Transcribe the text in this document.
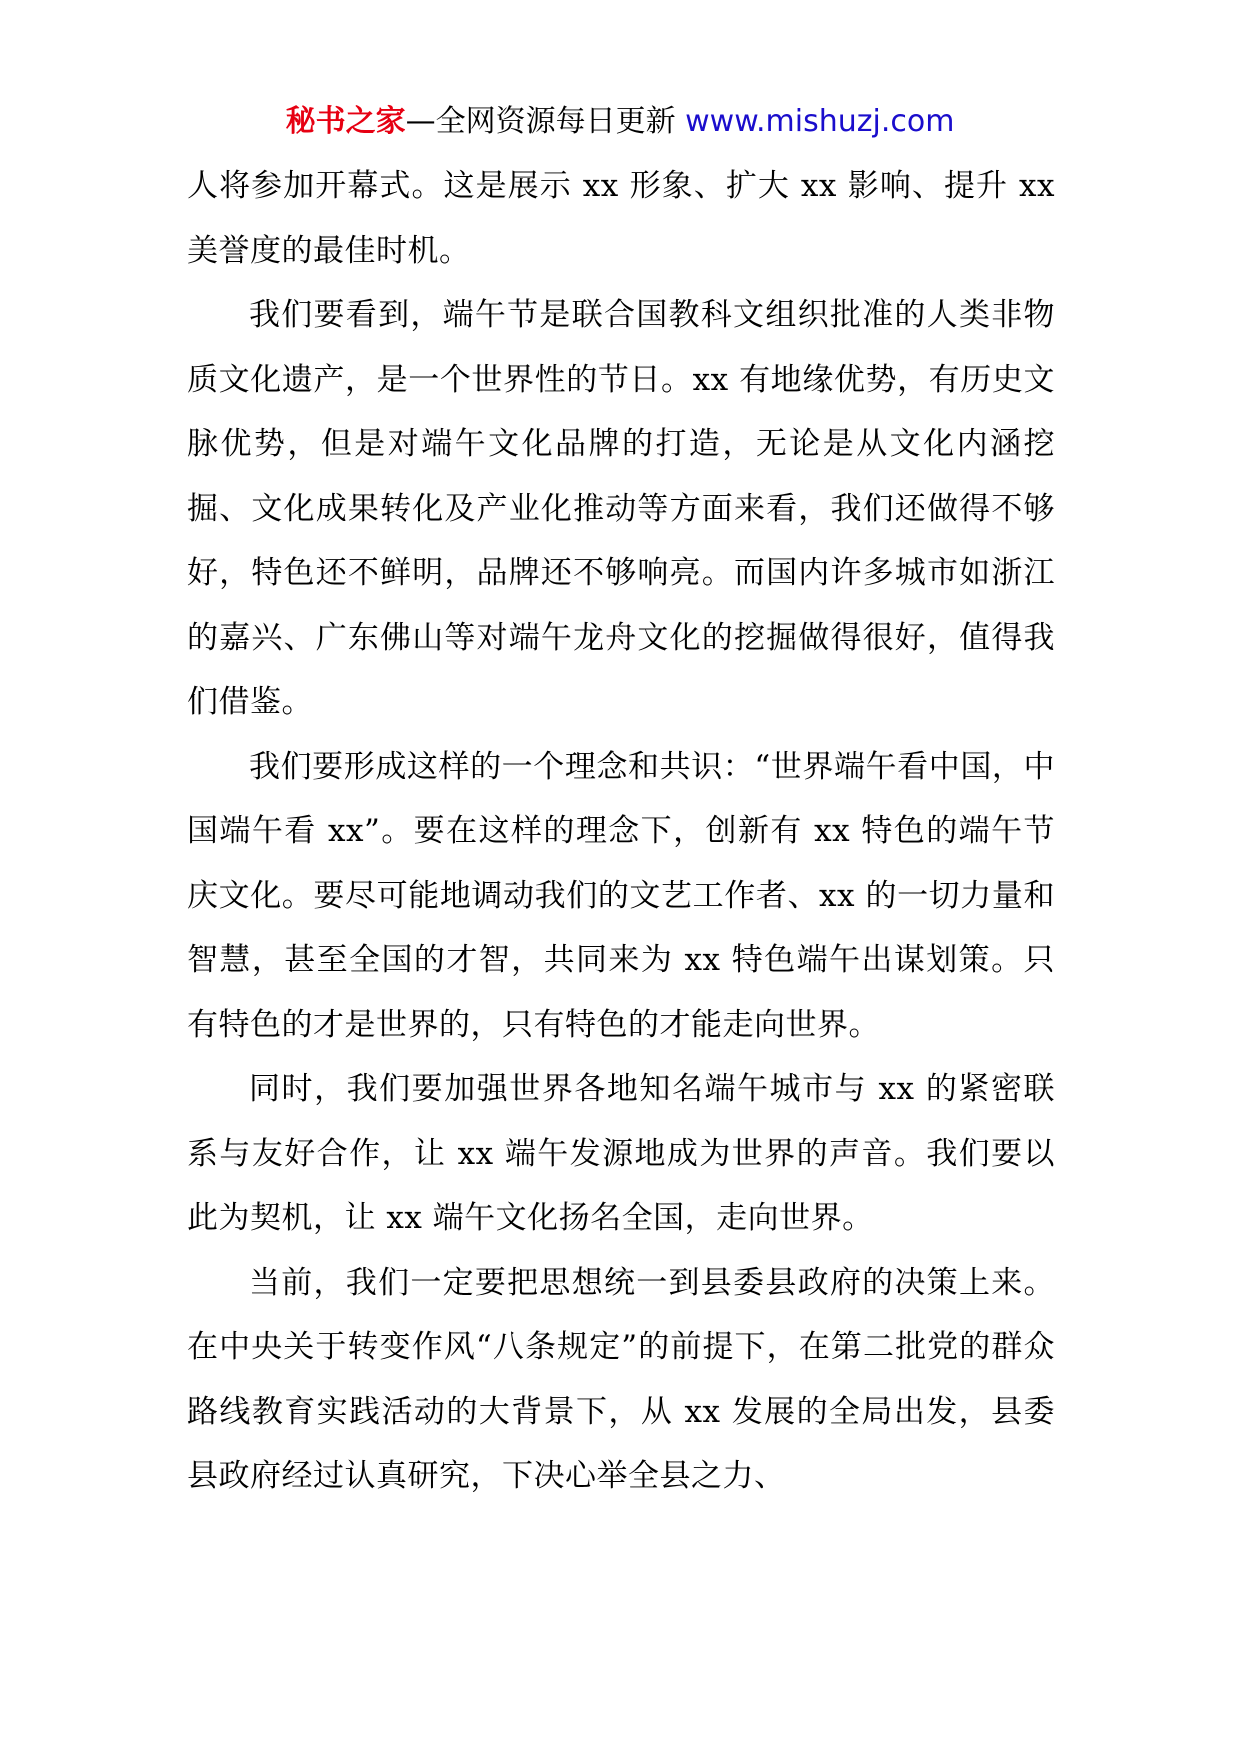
秘书之家—全网资源每日更新 www.mishuzj.com

人将参加开幕式。这是展示 xx 形象、扩大 xx 影响、提升 xx 美誉度的最佳时机。

我们要看到，端午节是联合国教科文组织批准的人类非物质文化遗产，是一个世界性的节日。xx 有地缘优势，有历史文脉优势，但是对端午文化品牌的打造，无论是从文化内涵挖掘、文化成果转化及产业化推动等方面来看，我们还做得不够好，特色还不鲜明，品牌还不够响亮。而国内许多城市如浙江的嘉兴、广东佛山等对端午龙舟文化的挖掘做得很好，值得我们借鉴。

我们要形成这样的一个理念和共识：“世界端午看中国，中国端午看 xx”。要在这样的理念下，创新有 xx 特色的端午节庆文化。要尽可能地调动我们的文艺工作者、xx 的一切力量和智慧，甚至全国的才智，共同来为 xx 特色端午出谋划策。只有特色的才是世界的，只有特色的才能走向世界。

同时，我们要加强世界各地知名端午城市与 xx 的紧密联系与友好合作，让 xx 端午发源地成为世界的声音。我们要以此为契机，让 xx 端午文化扬名全国，走向世界。

当前，我们一定要把思想统一到县委县政府的决策上来。在中央关于转变作风“八条规定”的前提下，在第二批党的群众路线教育实践活动的大背景下，从 xx 发展的全局出发，县委县政府经过认真研究，下决心举全县之力、
